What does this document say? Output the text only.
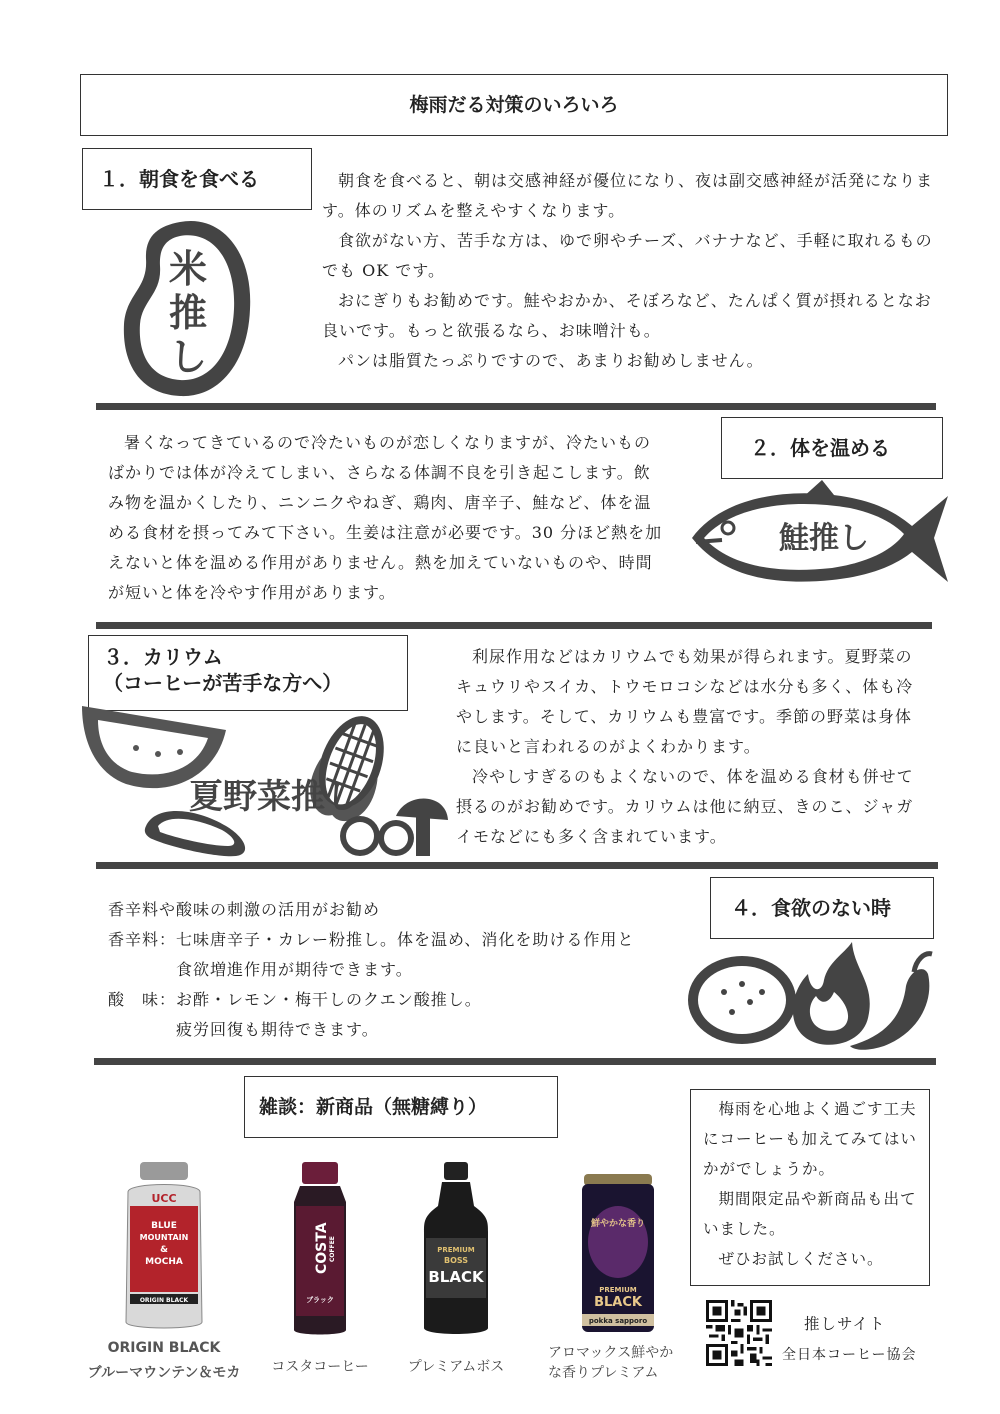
梅雨だる対策のいろいろ
１．朝食を食べる
米
推
し

朝食を食べると、朝は交感神経が優位になり、夜は副交感神経が活発になります。体のリズムを整えやすくなります。

食欲がない方、苦手な方は、ゆで卵やチーズ、バナナなど、手軽に取れるものでも OK です。

おにぎりもお勧めです。鮭やおかか、そぼろなど、たんぱく質が摂れるとなお良いです。もっと欲張るなら、お味噌汁も。

パンは脂質たっぷりですので、あまりお勧めしません。

暑くなってきているので冷たいものが恋しくなりますが、冷たいものばかりでは体が冷えてしまい、さらなる体調不良を引き起こします。飲み物を温かくしたり、ニンニクやねぎ、鶏肉、唐辛子、鮭など、体を温める食材を摂ってみて下さい。生姜は注意が必要です。30 分ほど熱を加えないと体を温める作用がありません。熱を加えていないものや、時間が短いと体を冷やす作用があります。

２．体を温める
鮭推し
３．カリウム
（コーヒーが苦手な方へ）
夏野菜推し

利尿作用などはカリウムでも効果が得られます。夏野菜のキュウリやスイカ、トウモロコシなどは水分も多く、体も冷やします。そして、カリウムも豊富です。季節の野菜は身体に良いと言われるのがよくわかります。

冷やしすぎるのもよくないので、体を温める食材も併せて摂るのがお勧めです。カリウムは他に納豆、きのこ、ジャガイモなどにも多く含まれています。

香辛料や酸味の刺激の活用がお勧め
香辛料： 七味唐辛子・カレー粉推し。体を温め、消化を助ける作用と
食欲増進作用が期待できます。
酸　味： お酢・レモン・梅干しのクエン酸推し。
疲労回復も期待できます。
４．食欲のない時
雑談：新商品（無糖縛り）
UCC
BLUE
MOUNTAIN
&
MOCHA
ORIGIN BLACK
ORIGIN BLACK
ブルーマウンテン＆モカ
COSTA COFFEE
ブラック
コスタコーヒー
PREMIUM
BOSS
BLACK
プレミアムボス
鮮やかな香り
PREMIUM
BLACK
pokka sapporo
アロマックス鮮やか
な香りプレミアム

梅雨を心地よく過ごす工夫にコーヒーも加えてみてはいかがでしょうか。

期間限定品や新商品も出ていました。

ぜひお試しください。

推しサイト
全日本コーヒー協会
